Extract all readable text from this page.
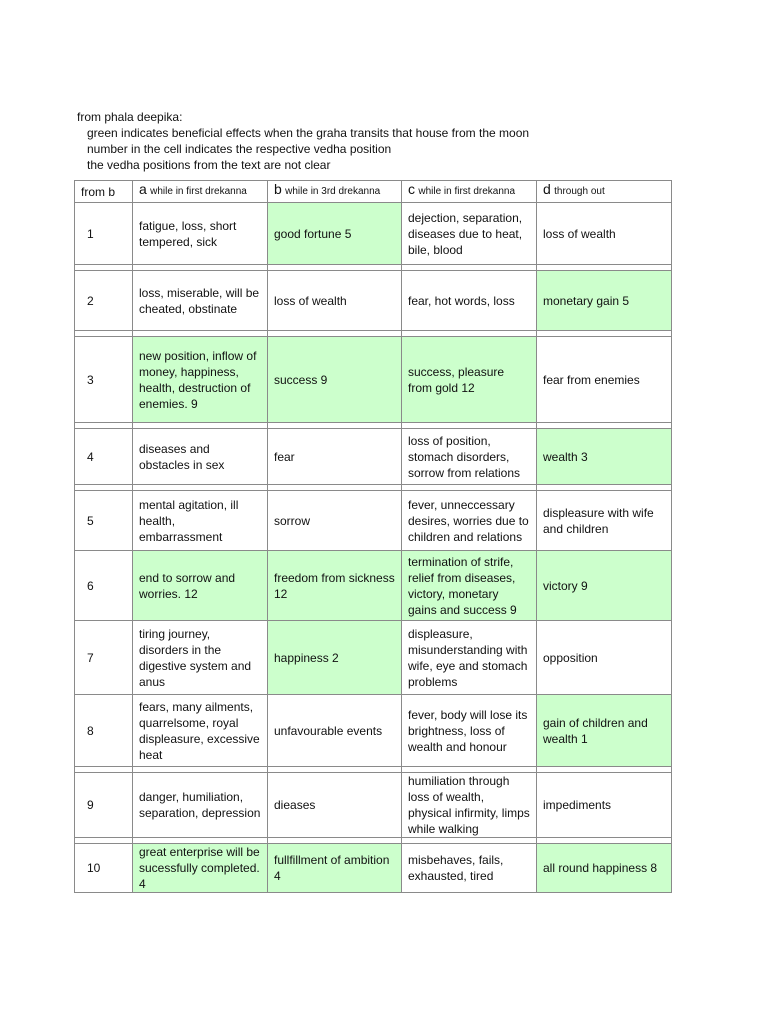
from phala deepika:
green indicates beneficial effects when the graha transits that house from the moon
number in the cell indicates the respective vedha position
the vedha positions from the text are not clear
from b	a while in first drekanna	b while in 3rd drekanna	c while in first drekanna	d through out
1	fatigue, loss, short tempered, sick	good fortune 5	dejection, separation, diseases due to heat, bile, blood	loss of wealth

2	loss, miserable, will be cheated, obstinate	loss of wealth	fear, hot words, loss	monetary gain 5

3	new position, inflow of money, happiness, health, destruction of enemies. 9	success 9	success, pleasure from gold 12	fear from enemies

4	diseases and obstacles in sex	fear	loss of position, stomach disorders, sorrow from relations	wealth 3

5	mental agitation, ill health, embarrassment	sorrow	fever, unneccessary desires, worries due to children and relations	displeasure with wife and children
6	end to sorrow and worries. 12	freedom from sickness 12	termination of strife, relief from diseases, victory, monetary gains and success 9	victory 9
7	tiring journey, disorders in the digestive system and anus	happiness 2	displeasure, misunderstanding with wife, eye and stomach problems	opposition
8	fears, many ailments, quarrelsome, royal displeasure, excessive heat	unfavourable events	fever, body will lose its brightness, loss of wealth and honour	gain of children and wealth 1

9	danger, humiliation, separation, depression	dieases	humiliation through loss of wealth, physical infirmity, limps while walking	impediments

10	great enterprise will be sucessfully completed. 4	fullfillment of ambition 4	misbehaves, fails, exhausted, tired	all round happiness 8
